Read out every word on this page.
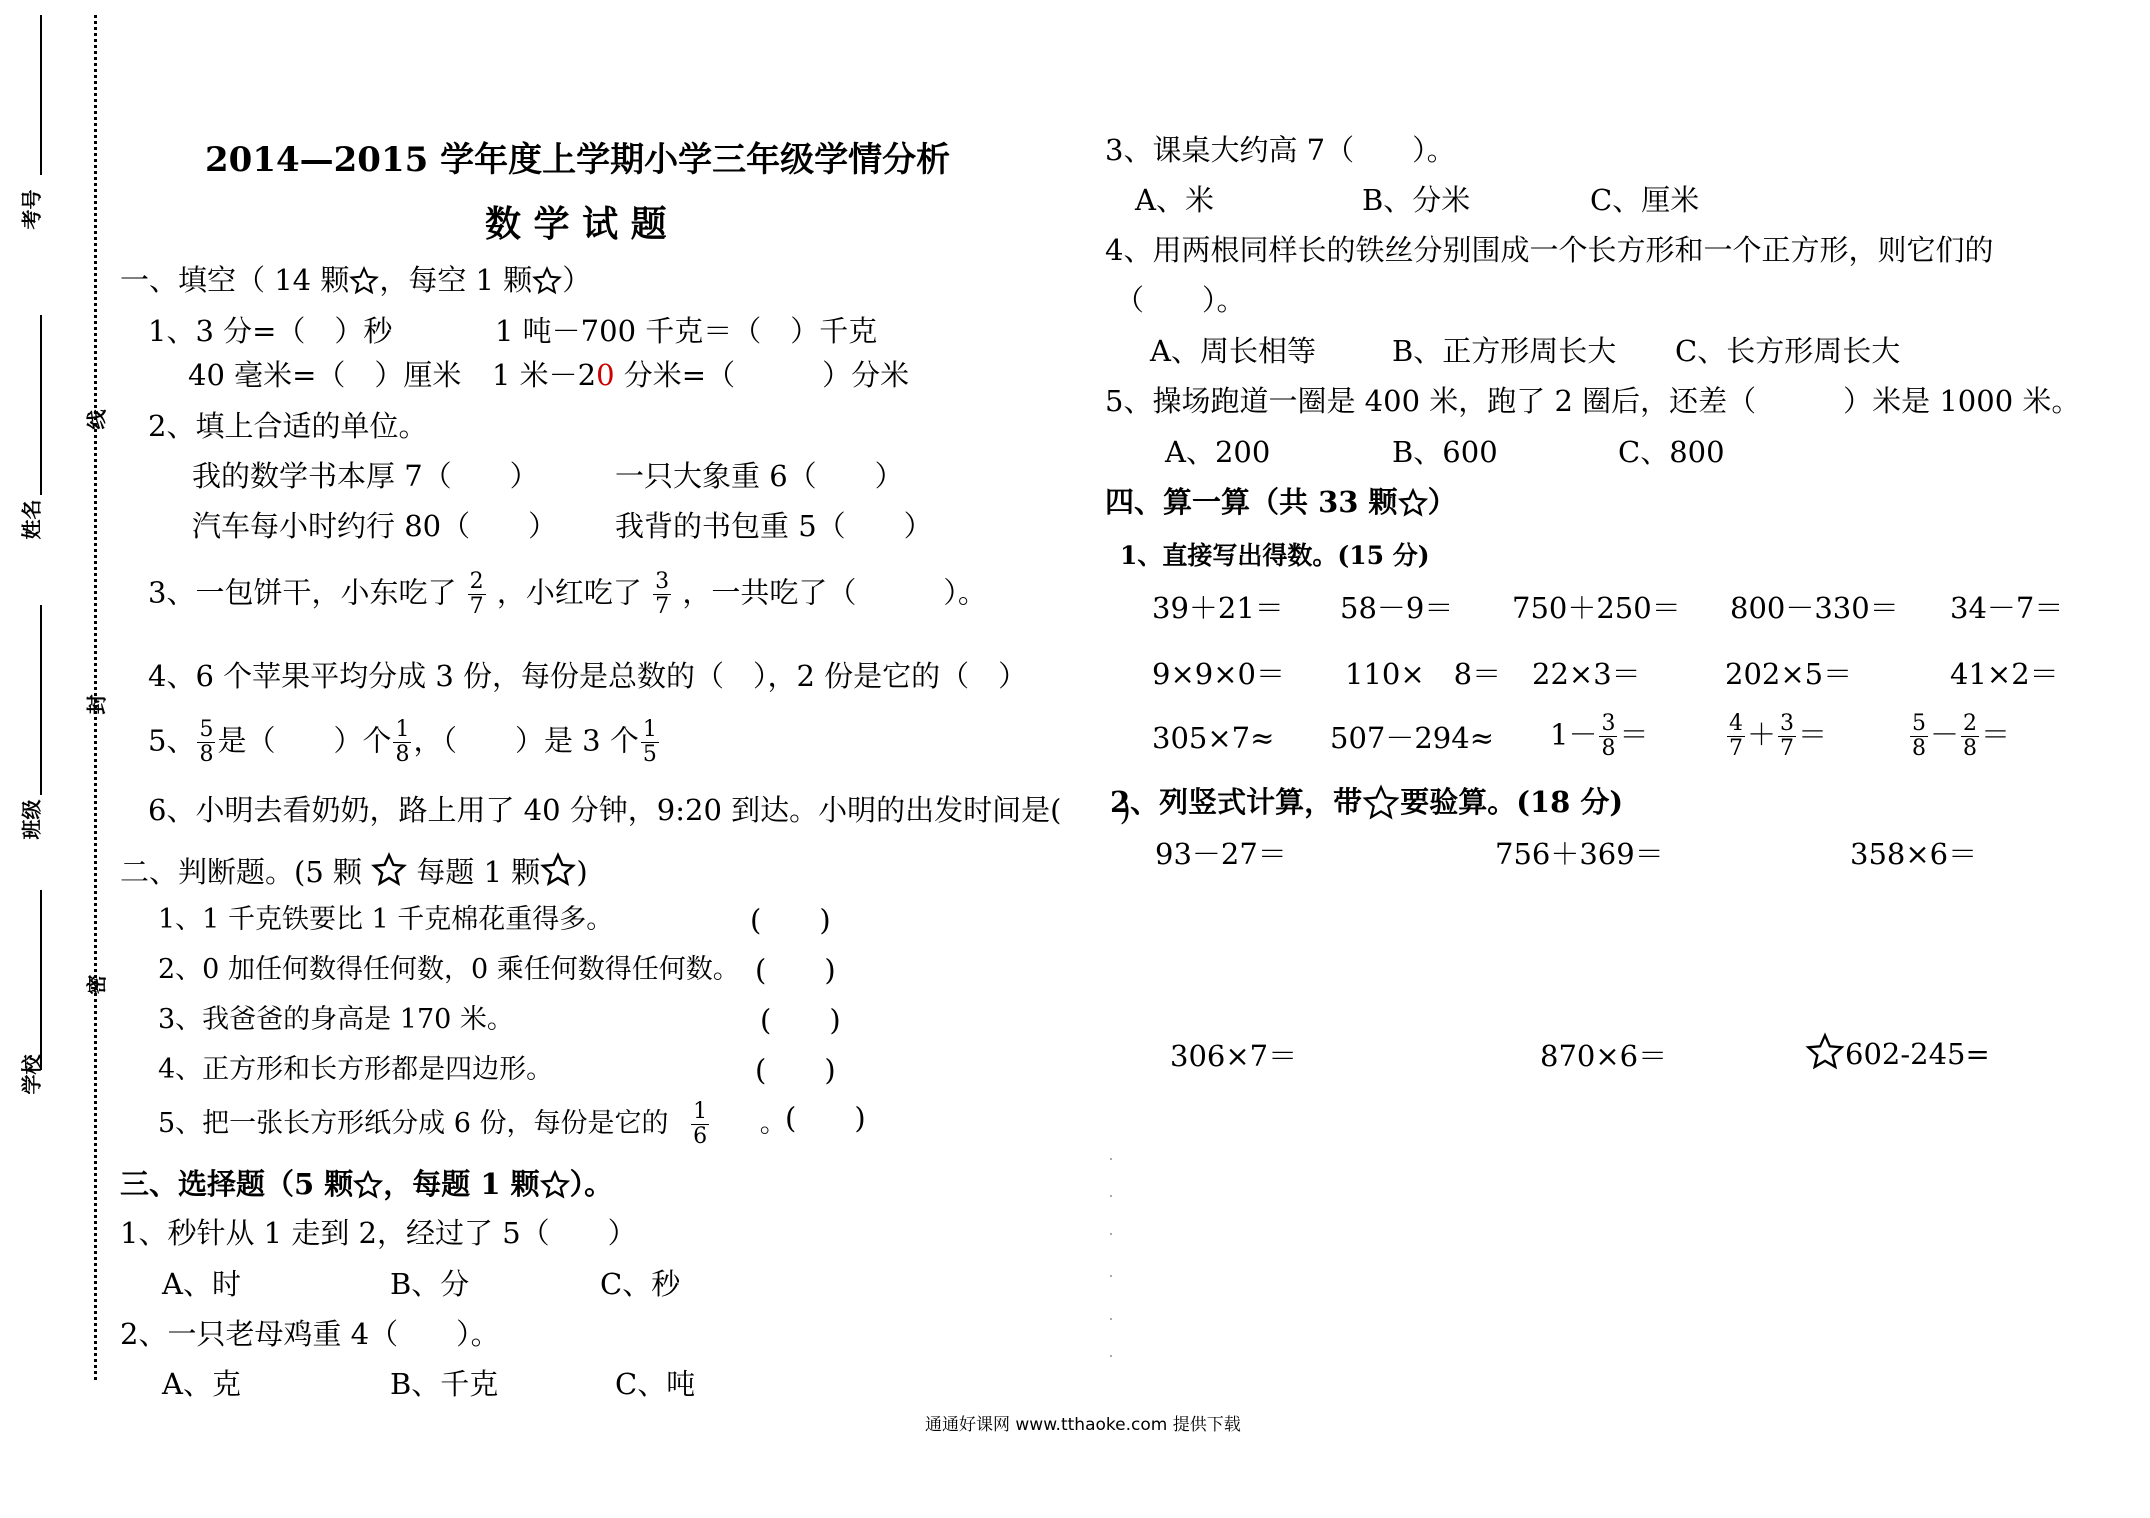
考号
姓名
班级
学校
线
封
密
2014—2015 学年度上学期小学三年级学情分析
数 学 试 题
一、填空（ 14 颗 ，每空 1 颗 ）
1、3 分=（　）秒	1 吨－700 千克＝（　）千克
40 毫米=（　）厘米 1 米－20 分米=（　　　）分米
2、填上合适的单位。
我的数学书本厚 7（　　）	一只大象重 6（　　）
汽车每小时约行 80（　　） 我背的书包重 5（　　）
3、一包饼干，小东吃了 $\frac{2}{7}$ ，小红吃了 $\frac{3}{7}$ ，一共吃了（　　　）。
4、6 个苹果平均分成 3 份，每份是总数的（　），2 份是它的（　）
5、 $\frac{5}{8}$ 是（　　）个 $\frac{1}{8}$ ，（　　）是 3 个 $\frac{1}{5}$
6、小明去看奶奶，路上用了 40 分钟，9:20 到达。小明的出发时间是(　　)
二、判断题。(5 颗 每题 1 颗 )
1、1 千克铁要比 1 千克棉花重得多。	(　　)
2、0 加任何数得任何数，0 乘任何数得任何数。 (　　)
3、我爸爸的身高是 170 米。	(　　)
4、正方形和长方形都是四边形。	(　　)
5、把一张长方形纸分成 6 份，每份是它的 $\frac{1}{6}$ 。
(　　)
三、选择题（5 颗 ，每题 1 颗 ）。
1、秒针从 1 走到 2，经过了 5（　　）
A、时	B、分	C、秒
2、一只老母鸡重 4（　　）。
A、克	B、千克	C、吨
3、课桌大约高 7（　　）。
A、米	B、分米	C、厘米
4、用两根同样长的铁丝分别围成一个长方形和一个正方形，则它们的
（　　）。
A、周长相等	B、正方形周长大 C、长方形周长大
5、操场跑道一圈是 400 米，跑了 2 圈后，还差（　　　）米是 1000 米。
A、200	B、600	C、800
四、算一算（共 33 颗 ）
1、直接写出得数。(15 分)
39＋21＝ 58－9＝ 750＋250＝ 800－330＝ 34－7＝
9×9×0＝ 110×　8＝ 22×3＝	202×5＝	41×2＝
$305\times 7\approx 507-294\approx 1- \frac{3}{8}$ ＝	$\frac{4}{7} + \frac{3}{7}$ ＝	$\frac{5}{8} - \frac{2}{8}$ ＝
2、列竖式计算，带 要验算。(18 分)
93－27＝	756＋369＝	358×6＝
306×7＝	870×6＝	602-245=
通通好课网 www.tthaoke.com 提供下载
